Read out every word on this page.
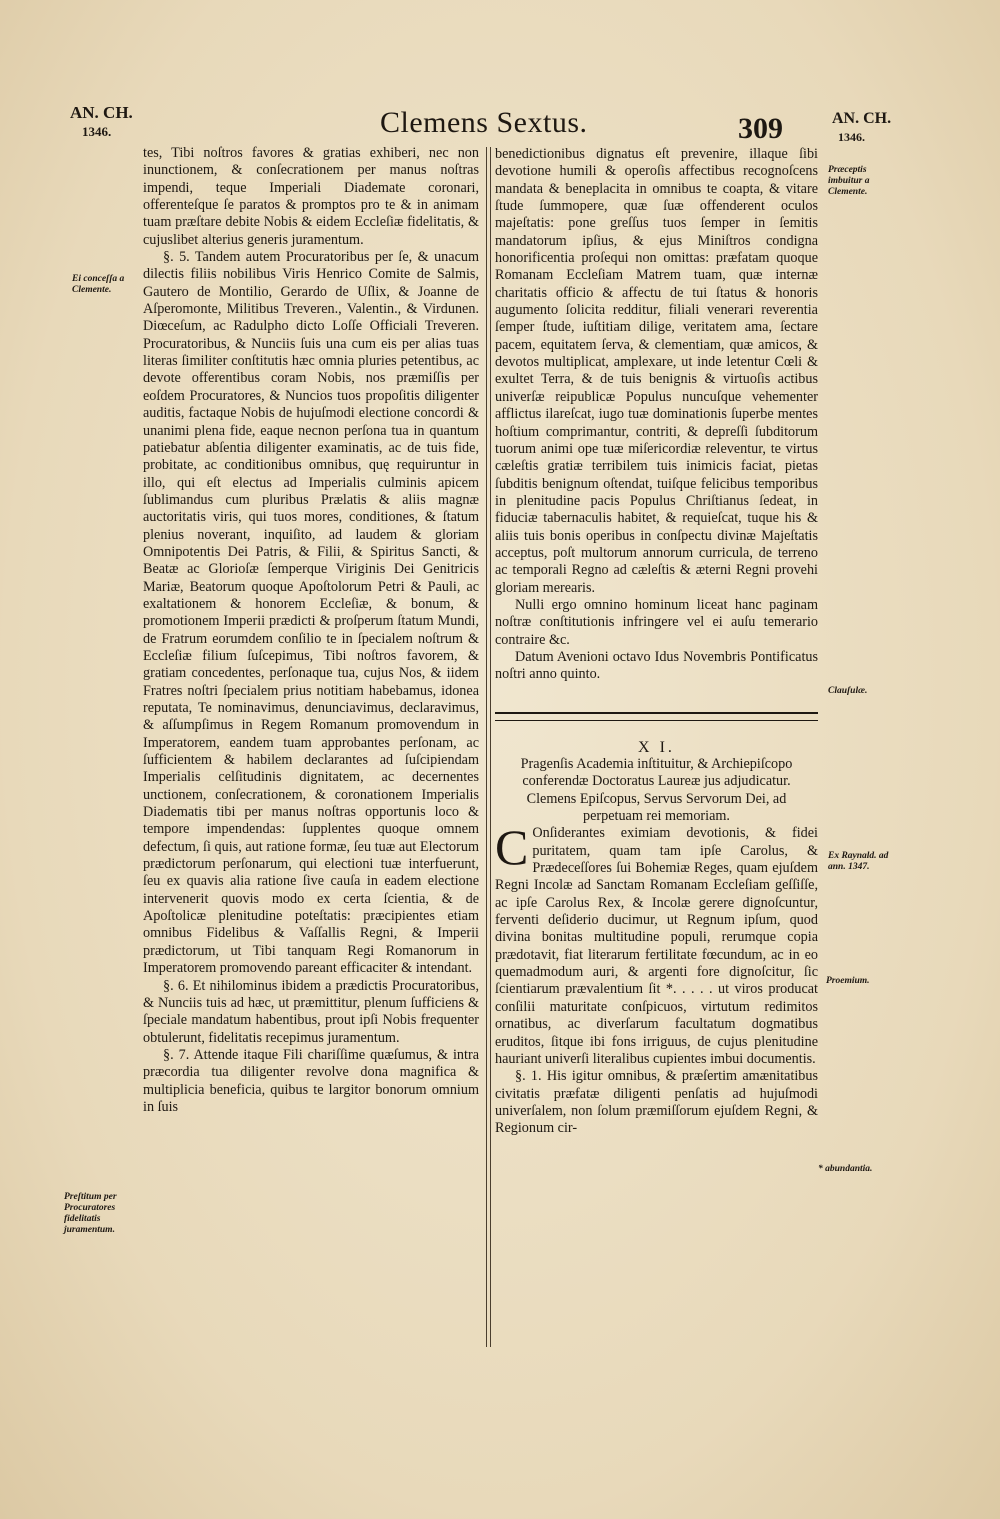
AN. CH.
1346.	Clemens Sextus.	309	AN. CH.
1346.

tes, Tibi noſtros favores & gratias exhiberi, nec non inunctionem, & conſecrationem per manus noſtras impendi, teque Imperiali Diademate coronari, offerenteſque ſe paratos & promptos pro te & in animam tuam præſtare debite Nobis & eidem Eccleſiæ fidelitatis, & cujuslibet alterius generis juramentum.

§. 5. Tandem autem Procuratoribus per ſe, & unacum dilectis filiis nobilibus Viris Henrico Comite de Salmis, Gautero de Montilio, Gerardo de Uſlix, & Joanne de Aſperomonte, Militibus Treveren., Valentin., & Virdunen. Diœceſum, ac Radulpho dicto Loſſe Officiali Treveren. Procuratoribus, & Nunciis ſuis una cum eis per alias tuas literas ſimiliter conſtitutis hæc omnia pluries petentibus, ac devote offerentibus coram Nobis, nos præmiſſis per eoſdem Procuratores, & Nuncios tuos propoſitis diligenter auditis, factaque Nobis de hujuſmodi electione concordi & unanimi plena fide, eaque necnon perſona tua in quantum patiebatur abſentia diligenter examinatis, ac de tuis fide, probitate, ac conditionibus omnibus, quę requiruntur in illo, qui eſt electus ad Imperialis culminis apicem ſublimandus cum pluribus Prælatis & aliis magnæ auctoritatis viris, qui tuos mores, conditiones, & ſtatum plenius noverant, inquiſito, ad laudem & gloriam Omnipotentis Dei Patris, & Filii, & Spiritus Sancti, & Beatæ ac Glorioſæ ſemperque Viriginis Dei Genitricis Mariæ, Beatorum quoque Apoſtolorum Petri & Pauli, ac exaltationem & honorem Eccleſiæ, & bonum, & promotionem Imperii prædicti & proſperum ſtatum Mundi, de Fratrum eorumdem conſilio te in ſpecialem noſtrum & Eccleſiæ filium ſuſcepimus, Tibi noſtros favorem, & gratiam concedentes, perſonaque tua, cujus Nos, & iidem Fratres noſtri ſpecialem prius notitiam habebamus, idonea reputata, Te nominavimus, denunciavimus, declaravimus, & aſſumpſimus in Regem Romanum promovendum in Imperatorem, eandem tuam approbantes perſonam, ac ſufficientem & habilem declarantes ad ſuſcipiendam Imperialis celſitudinis dignitatem, ac decernentes unctionem, conſecrationem, & coronationem Imperialis Diadematis tibi per manus noſtras opportunis loco & tempore impendendas: ſupplentes quoque omnem defectum, ſi quis, aut ratione formæ, ſeu tuæ aut Electorum prædictorum perſonarum, qui electioni tuæ interfuerunt, ſeu ex quavis alia ratione ſive cauſa in eadem electione intervenerit quovis modo ex certa ſcientia, & de Apoſtolicæ plenitudine poteſtatis: præcipientes etiam omnibus Fidelibus & Vaſſallis Regni, & Imperii prædictorum, ut Tibi tanquam Regi Romanorum in Imperatorem promovendo pareant efficaciter & intendant.

§. 6. Et nihilominus ibidem a prædictis Procuratoribus, & Nunciis tuis ad hæc, ut præmittitur, plenum ſufficiens & ſpeciale mandatum habentibus, prout ipſi Nobis frequenter obtulerunt, fidelitatis recepimus juramentum.

§. 7. Attende itaque Fili chariſſime quæſumus, & intra præcordia tua diligenter revolve dona magnifica & multiplicia beneficia, quibus te largitor bonorum omnium in ſuis

benedictionibus dignatus eſt prevenire, illaque ſibi devotione humili & operoſis affectibus recognoſcens mandata & beneplacita in omnibus te coapta, & vitare ſtude ſummopere, quæ ſuæ offenderent oculos majeſtatis: pone greſſus tuos ſemper in ſemitis mandatorum ipſius, & ejus Miniſtros condigna honorificentia proſequi non omittas: præfatam quoque Romanam Eccleſiam Matrem tuam, quæ internæ charitatis officio & affectu de tui ſtatus & honoris augumento ſolicita redditur, filiali venerari reverentia ſemper ſtude, iuſtitiam dilige, veritatem ama, ſectare pacem, equitatem ſerva, & clementiam, quæ amicos, & devotos multiplicat, amplexare, ut inde letentur Cœli & exultet Terra, & de tuis benignis & virtuoſis actibus univerſæ reipublicæ Populus nuncuſque vehementer afflictus ilareſcat, iugo tuæ dominationis ſuperbe mentes hoſtium comprimantur, contriti, & depreſſi ſubditorum tuorum animi ope tuæ miſericordiæ releventur, te virtus cæleſtis gratiæ terribilem tuis inimicis faciat, pietas ſubditis benignum oſtendat, tuiſque felicibus temporibus in plenitudine pacis Populus Chriſtianus ſedeat, in fiduciæ tabernaculis habitet, & requieſcat, tuque his & aliis tuis bonis operibus in conſpectu divinæ Majeſtatis acceptus, poſt multorum annorum curricula, de terreno ac temporali Regno ad cæleſtis & æterni Regni provehi gloriam merearis.

Nulli ergo omnino hominum liceat hanc paginam noſtræ conſtitutionis infringere vel ei auſu temerario contraire &c.

Datum Avenioni octavo Idus Novembris Pontificatus noſtri anno quinto.

X I.

Pragenſis Academia inſtituitur, & Archiepiſcopo conferendæ Doctoratus Laureæ jus adjudicatur.

Clemens Epiſcopus, Servus Servorum Dei, ad perpetuam rei memoriam.

C Onſiderantes eximiam devotionis, & fidei puritatem, quam tam ipſe Carolus, & Prædeceſſores ſui Bohemiæ Reges, quam ejuſdem Regni Incolæ ad Sanctam Romanam Eccleſiam geſſiſſe, ac ipſe Carolus Rex, & Incolæ gerere dignoſcuntur, ferventi deſiderio ducimur, ut Regnum ipſum, quod divina bonitas multitudine populi, rerumque copia prædotavit, fiat literarum fertilitate fœcundum, ac in eo quemadmodum auri, & argenti fore dignoſcitur, ſic ſcientiarum prævalentium ſit *. . . . . ut viros producat conſilii maturitate conſpicuos, virtutum redimitos ornatibus, ac diverſarum facultatum dogmatibus eruditos, ſitque ibi fons irriguus, de cujus plenitudine hauriant univerſi literalibus cupientes imbui documentis.

§. 1. His igitur omnibus, & præſertim amænitatibus civitatis præfatæ diligenti penſatis ad hujuſmodi univerſalem, non ſolum præmiſſorum ejuſdem Regni, & Regionum cir-

Ei conceſſa a Clemente.
Preſtitum per Procuratores fidelitatis juramentum.
Præceptis imbuitur a Clemente.
Clauſulæ.
Ex Raynald. ad ann. 1347.
Proemium.
* abundantia.
